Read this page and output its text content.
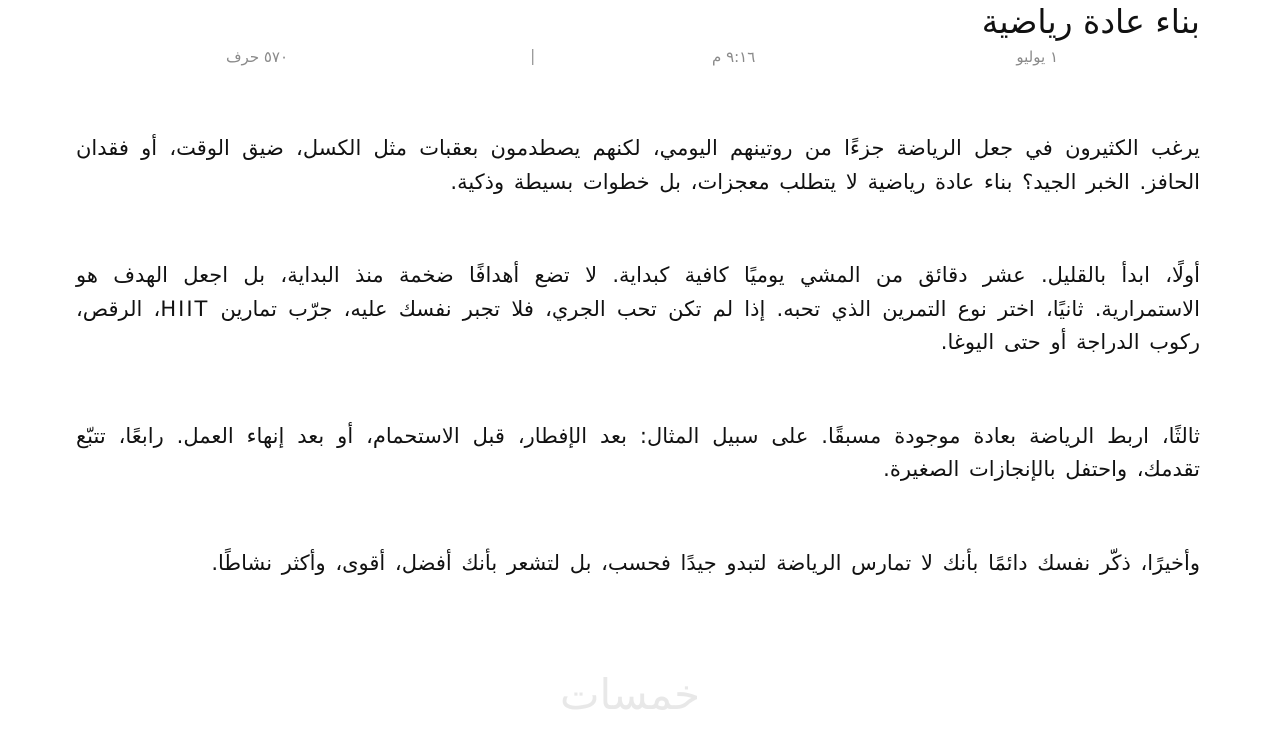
بناء عادة رياضية
١ يوليو
٩:١٦ م
|
٥٧٠ حرف

يرغب الكثيرون في جعل الرياضة جزءًا من روتينهم اليومي، لكنهم يصطدمون بعقبات مثل الكسل، ضيق الوقت، أو فقدان الحافز. الخبر الجيد؟ بناء عادة رياضية لا يتطلب معجزات، بل خطوات بسيطة وذكية.

أولًا، ابدأ بالقليل. عشر دقائق من المشي يوميًا كافية كبداية. لا تضع أهدافًا ضخمة منذ البداية، بل اجعل الهدف هو الاستمرارية. ثانيًا، اختر نوع التمرين الذي تحبه. إذا لم تكن تحب الجري، فلا تجبر نفسك عليه، جرّب تمارين HIIT، الرقص، ركوب الدراجة أو حتى اليوغا.

ثالثًا، اربط الرياضة بعادة موجودة مسبقًا. على سبيل المثال: بعد الإفطار، قبل الاستحمام، أو بعد إنهاء العمل. رابعًا، تتبّع تقدمك، واحتفل بالإنجازات الصغيرة.

وأخيرًا، ذكّر نفسك دائمًا بأنك لا تمارس الرياضة لتبدو جيدًا فحسب، بل لتشعر بأنك أفضل، أقوى، وأكثر نشاطًا.

خمسات
